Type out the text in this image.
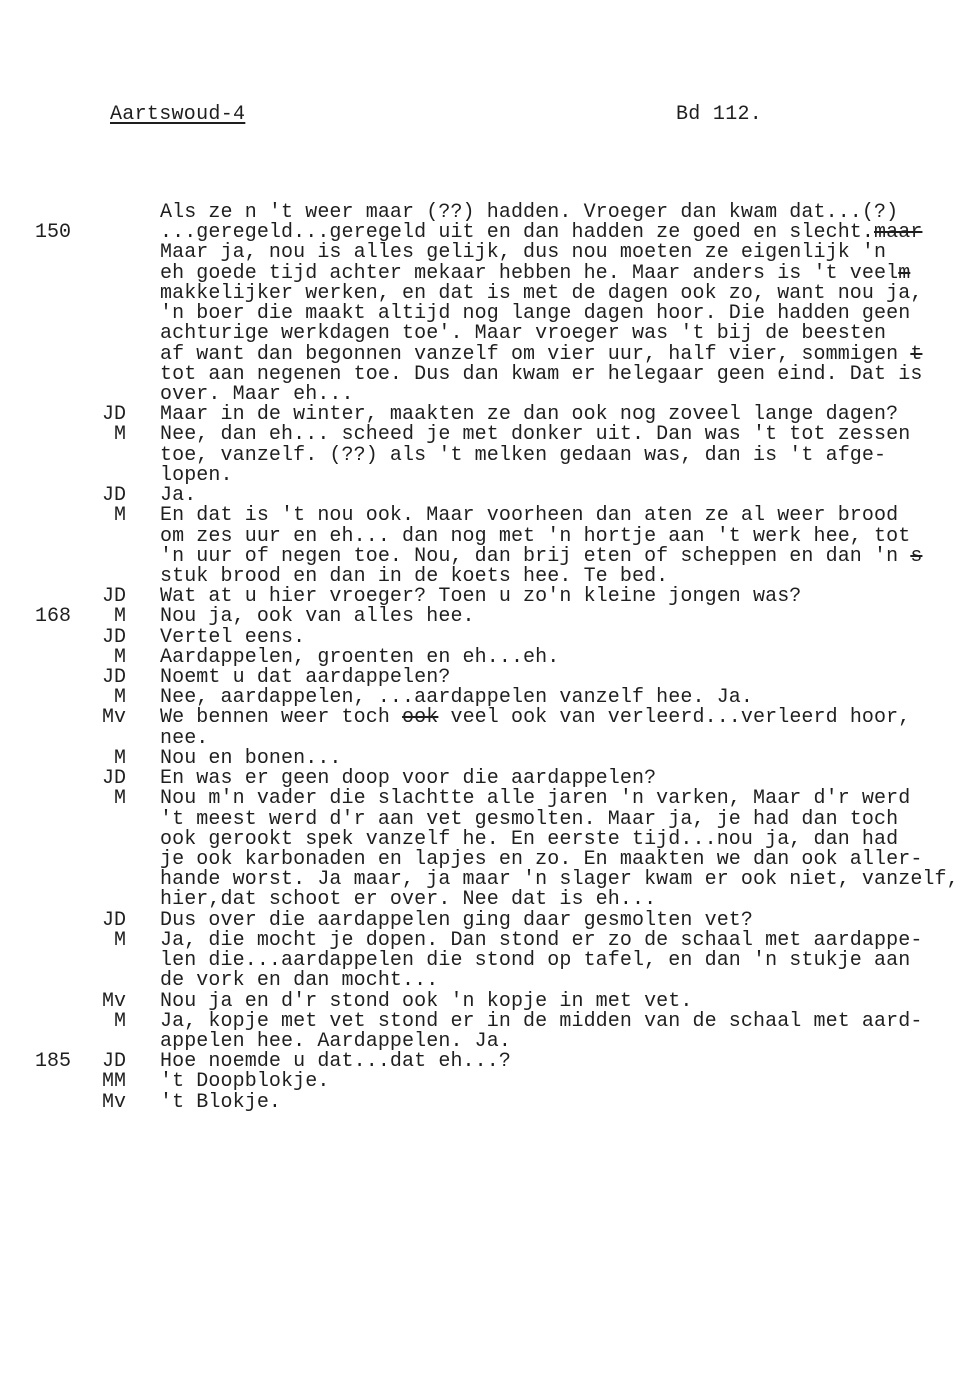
Aartswoud-4	Bd 112.
Als ze n 't weer maar (??) hadden. Vroeger dan kwam dat...(?)
150	...geregeld...geregeld uit en dan hadden ze goed en slecht.maar
Maar ja, nou is alles gelijk, dus nou moeten ze eigenlijk 'n
eh goede tijd achter mekaar hebben he. Maar anders is 't veelm
makkelijker werken, en dat is met de dagen ook zo, want nou ja,
'n boer die maakt altijd nog lange dagen hoor. Die hadden geen
achturige werkdagen toe'. Maar vroeger was 't bij de beesten
af want dan begonnen vanzelf om vier uur, half vier, sommigen t
tot aan negenen toe. Dus dan kwam er helegaar geen eind. Dat is
over. Maar eh...
JD Maar in de winter, maakten ze dan ook nog zoveel lange dagen?
M Nee, dan eh... scheed je met donker uit. Dan was 't tot zessen
toe, vanzelf. (??) als 't melken gedaan was, dan is 't afge-
lopen.
JD Ja.
M En dat is 't nou ook. Maar voorheen dan aten ze al weer brood
om zes uur en eh... dan nog met 'n hortje aan 't werk hee, tot
'n uur of negen toe. Nou, dan brij eten of scheppen en dan 'n s
stuk brood en dan in de koets hee. Te bed.
JD Wat at u hier vroeger? Toen u zo'n kleine jongen was?
168	M Nou ja, ook van alles hee.
JD Vertel eens.
M Aardappelen, groenten en eh...eh.
JD Noemt u dat aardappelen?
M Nee, aardappelen, ...aardappelen vanzelf hee. Ja.
Mv We bennen weer toch ook veel ook van verleerd...verleerd hoor,
nee.
M Nou en bonen...
JD En was er geen doop voor die aardappelen?
M Nou m'n vader die slachtte alle jaren 'n varken, Maar d'r werd
't meest werd d'r aan vet gesmolten. Maar ja, je had dan toch
ook gerookt spek vanzelf he. En eerste tijd...nou ja, dan had
je ook karbonaden en lapjes en zo. En maakten we dan ook aller-
hande worst. Ja maar, ja maar 'n slager kwam er ook niet, vanzelf,
hier,dat schoot er over. Nee dat is eh...
JD Dus over die aardappelen ging daar gesmolten vet?
M Ja, die mocht je dopen. Dan stond er zo de schaal met aardappe-
len die...aardappelen die stond op tafel, en dan 'n stukje aan
de vork en dan mocht...
Mv Nou ja en d'r stond ook 'n kopje in met vet.
M Ja, kopje met vet stond er in de midden van de schaal met aard-
appelen hee. Aardappelen. Ja.
185	JD Hoe noemde u dat...dat eh...?
MM 't Doopblokje.
Mv 't Blokje.
